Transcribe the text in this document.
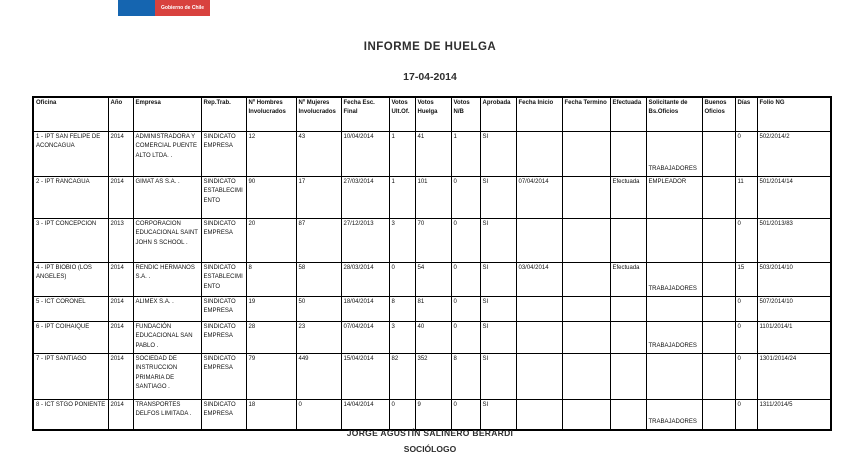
Gobierno de Chile
INFORME DE HUELGA
17-04-2014
Oficina	Año	Empresa	Rep.Trab.	Nº Hombres Involucrados	Nº Mujeres Involucrados	Fecha Esc. Final	Votos Ult.Of.	Votos Huelga	Votos N/B	Aprobada	Fecha Inicio	Fecha Termino	Efectuada	Solicitante de Bs.Oficios	Buenos Oficios	Días	Folio NG
1 - IPT SAN FELIPE DE ACONCAGUA	2014	ADMINISTRADORA Y COMERCIAL PUENTE ALTO LTDA. .	SINDICATO EMPRESA	12	43	10/04/2014	1	41	1	SI				TRABAJADORES		0	502/2014/2
2 - IPT RANCAGUA	2014	GIMAT AS S.A. .	SINDICATO ESTABLECIMIENTO	90	17	27/03/2014	1	101	0	SI	07/04/2014		Efectuada	EMPLEADOR		11	501/2014/14
3 - IPT CONCEPCION	2013	CORPORACION EDUCACIONAL SAINT JOHN S SCHOOL .	SINDICATO EMPRESA	20	87	27/12/2013	3	70	0	SI						0	501/2013/83
4 - IPT BIOBIO (LOS ANGELES)	2014	RENDIC HERMANOS S.A. .	SINDICATO ESTABLECIMIENTO	8	58	28/03/2014	0	54	0	SI	03/04/2014		Efectuada	TRABAJADORES		15	503/2014/10
5 - ICT CORONEL	2014	ALIMEX S.A. .	SINDICATO EMPRESA	19	50	18/04/2014	8	81	0	SI						0	507/2014/10
6 - IPT COIHAIQUE	2014	FUNDACIÓN EDUCACIONAL SAN PABLO .	SINDICATO EMPRESA	28	23	07/04/2014	3	40	0	SI				TRABAJADORES		0	1101/2014/1
7 - IPT SANTIAGO	2014	SOCIEDAD DE INSTRUCCION PRIMARIA DE SANTIAGO .	SINDICATO EMPRESA	79	449	15/04/2014	82	352	8	SI						0	1301/2014/24
8 - ICT STGO PONIENTE	2014	TRANSPORTES DELFOS LIMITADA .	SINDICATO EMPRESA	18	0	14/04/2014	0	9	0	SI				TRABAJADORES		0	1311/2014/5
JORGE AGUSTÍN SALINERO BERARDI
SOCIÓLOGO
